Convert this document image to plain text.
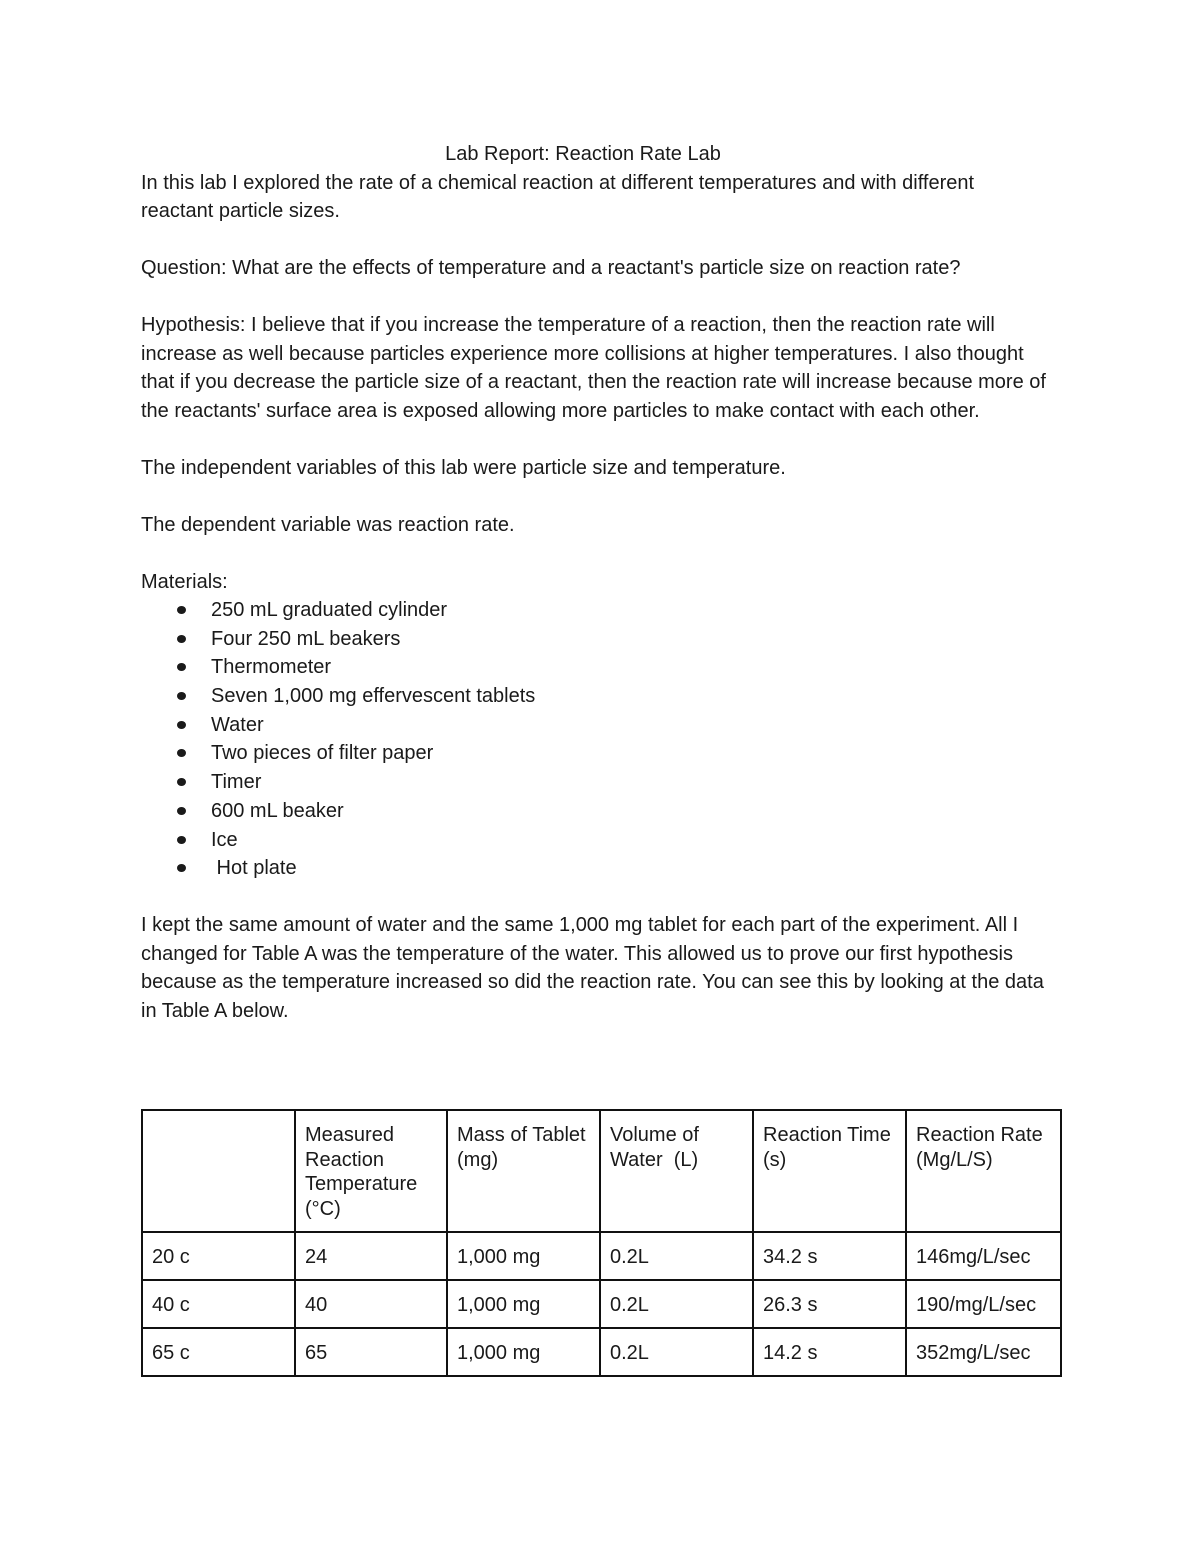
Lab Report: Reaction Rate Lab

In this lab I explored the rate of a chemical reaction at different temperatures and with different reactant particle sizes.

Question: What are the effects of temperature and a reactant's particle size on reaction rate?

Hypothesis: I believe that if you increase the temperature of a reaction, then the reaction rate will increase as well because particles experience more collisions at higher temperatures. I also thought that if you decrease the particle size of a reactant, then the reaction rate will increase because more of the reactants' surface area is exposed allowing more particles to make contact with each other.

The independent variables of this lab were particle size and temperature.

The dependent variable was reaction rate.

Materials:

250 mL graduated cylinder
Four 250 mL beakers
Thermometer
Seven 1,000 mg effervescent tablets
Water
Two pieces of filter paper
Timer
600 mL beaker
Ice
Hot plate

I kept the same amount of water and the same 1,000 mg tablet for each part of the experiment. All I changed for Table A was the temperature of the water. This allowed us to prove our first hypothesis because as the temperature increased so did the reaction rate. You can see this by looking at the data in Table A below.

	Measured Reaction Temperature (°C)	Mass of Tablet (mg)	Volume of Water  (L)	Reaction Time (s)	Reaction Rate (Mg/L/S)
20 c	24	1,000 mg	0.2L	34.2 s	146mg/L/sec
40 c	40	1,000 mg	0.2L	26.3 s	190/mg/L/sec
65 c	65	1,000 mg	0.2L	14.2 s	352mg/L/sec
